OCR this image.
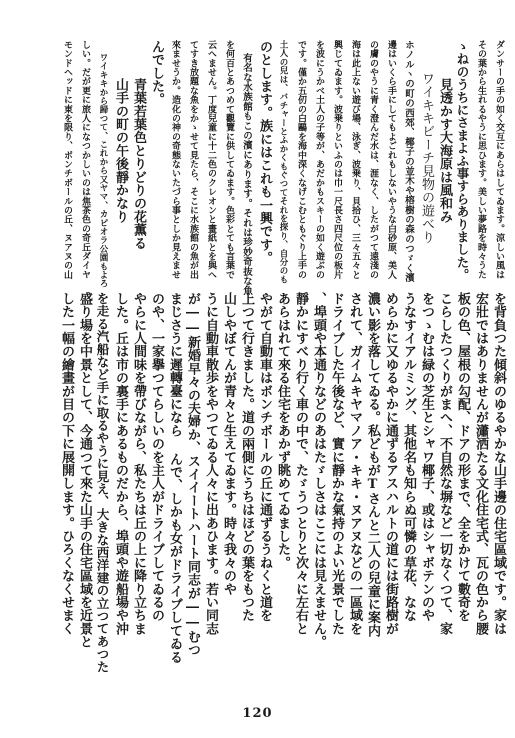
ダンサーの手の如く交互にあらはしてゐます。涼しい風は
その葉から生れるやうに思ひます。美しい夢路を時々うた
ゝねのうちにさまよふ事すらありました。
見透かす大海原は風和み
ワイキキビーチ見物の遊べり
ホノルヽの町の西郊、椰子の並木や榕樹の森のつゞく濱
邊はいくら手にしてもよごれもしないやうな白砂原、美人
の膚のやうに青く澄んだ水は、涯なく、したがつて遠淺の
海は此上ない遊び場、泳ぎ、波乗り、貝拾ひ、三々五々と
興じてゐます。波乗りといふのは巾一尺長さ四尺位の板片
を波にうかべ土人の子等が、あだかもスキーの如く遊ぶの
です。僅か五仞の白鷗を海中深くなげこむともぐり上手の
土人の兒は、バチャーとふかくもぐつてそれを探り、自分のも
のとします。族にはこれも一興です。
有名な水族館もこの濱にあります。それは珍妙奇抜な魚
を何百とあつめて觀覽に供してゐます。色彩とても言葉で
云へません。丁度兒童に十二色のクレオンと畫紙とを與へ
てすき放題な魚をかゝせて見たら、そこに水族館の魚が出
來ませうか。造化の神の奇態ないたづら事としか見えませ
んでした。
青葉若葉色とりどりの花薫る
山手の町の午後靜かなり
ワイキキから歸つて、これから又ヤマ、カピオラ公園もよろ
しい。だが更に旅人になつかしいのは焦茶色の奇丘ダイヤ
モンドヘッドに東を限り、ボンチボールの丘、ヌアヌの山
を背負つた傾斜のゆるやかな山手邊の住宅區域です。家は
宏壯ではありませんが瀟洒たる文化住宅式、瓦の色から腰
板の色、屋根の勾配、ドアの形まで、全をかけて數奇を
こらしたつくりがまへ、不自然な塀など一切なくつて、家
をつゝむは緑の芝生とシャワ椰子、或はシャボテンのや
うなすイアルミング、其他名も知らぬ可憐の草花、なな
めらかに又ゆるやかに通ずるアスハルトの道には街路樹が
濃い影を落してゐる。私どもがTさんと二人の兒童に案内
されて、ガイムキヤマノア・キキ・ヌアヌなどの一區域を
ドライブした午後など、實に靜かな氣持のよい光景でした
、埠頭や本通りなどのあはたゞしさはここには見えません。
靜かにすべり行く車の中で、たゞうつとりと次々に左右と
あらはれて來る住宅をあかず眺めてゐました。
やがて自動車はボンチボールの丘に通ずるうねくと道を
上つて行きました。道の兩側にうちはほどの葉をもつた
山しやぼてんが青々と生えてゐます。時々我々のや
うに自動車散歩をやつてゐる人々に出あひます。若い同志
が――新婚早々の夫婦か、スイイートハート同志が――むつ
まじさうに遲轉臺になら んで、しかも女がドライブしてゐる
のや、一家擧つてらしいのを主人がドライブしてゐるの
やらに人間味を帶びながら、私たちは丘の上に降り立ちま
した。丘は市の裏手にあるものだから、埠頭や遊船場や沖
を走る汽船など手に取るやうに見え、大きな西洋建の立つてあつた
盛り場を中景として、今通つて來た山手の住宅區域を近景と
した一幅の繪畫が目の下に展開します。ひろくなくせまく
120
